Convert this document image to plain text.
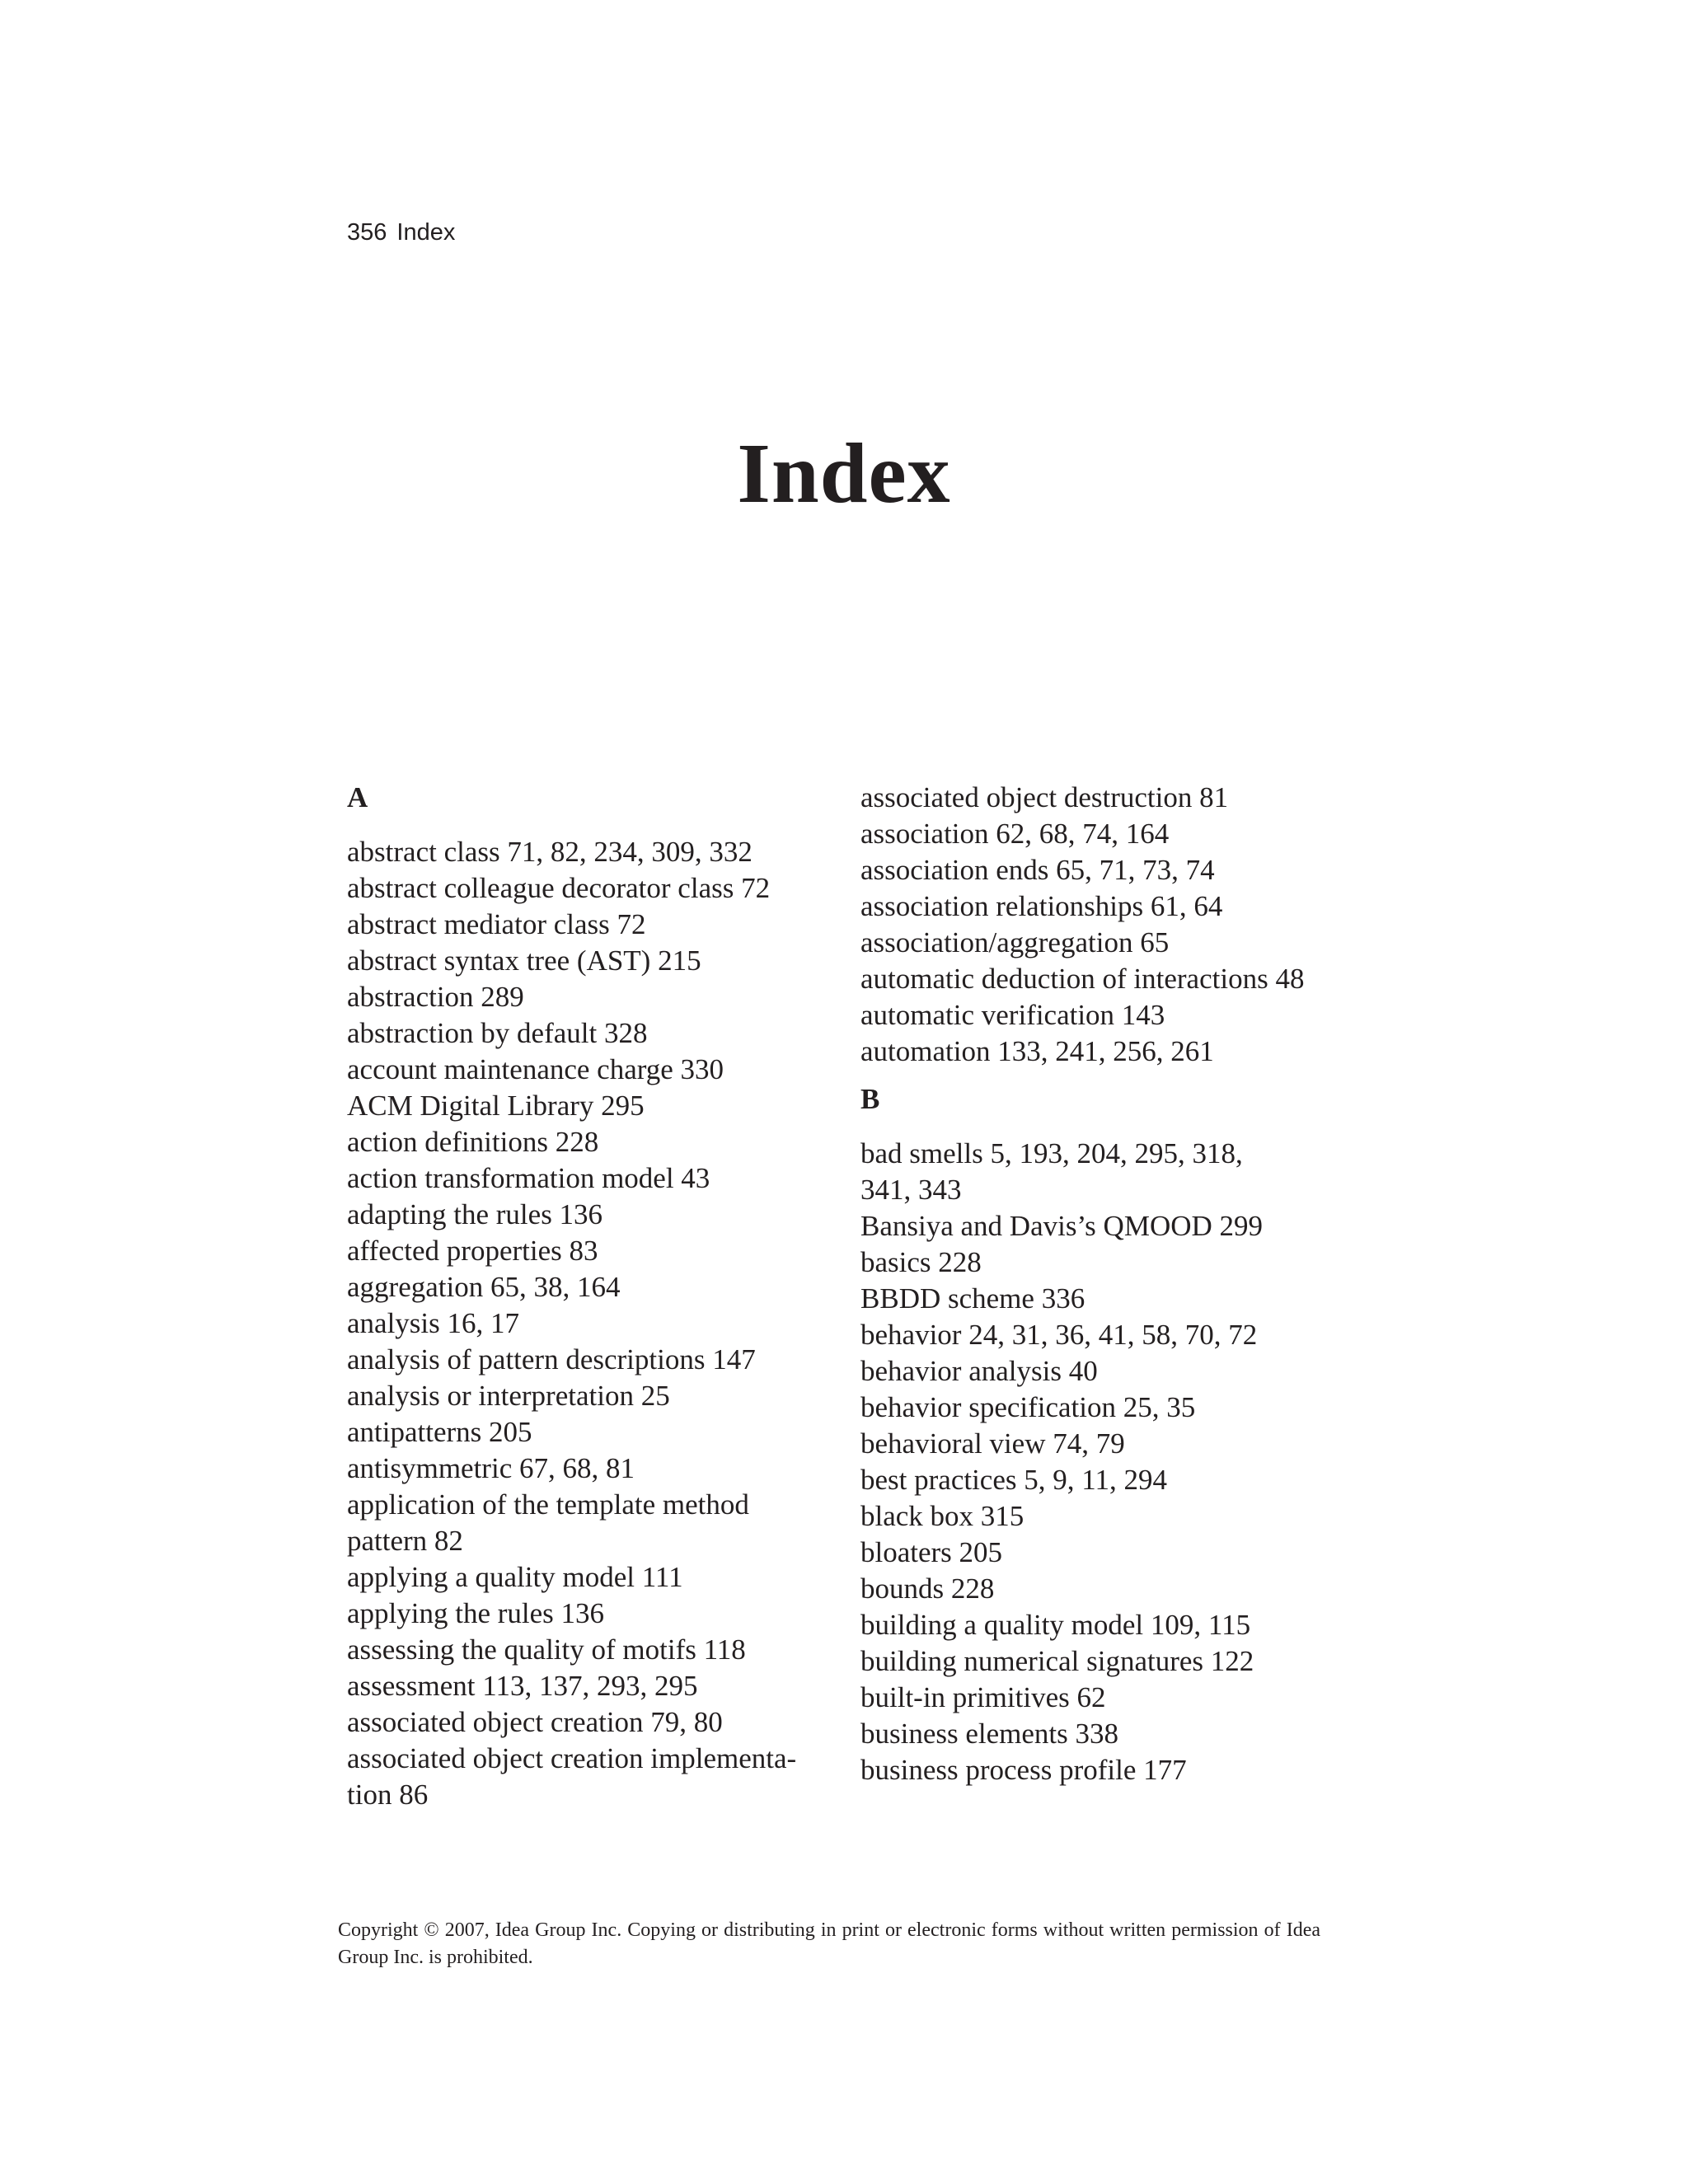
356 Index
Index
A
abstract class 71, 82, 234, 309, 332
abstract colleague decorator class 72
abstract mediator class 72
abstract syntax tree (AST) 215
abstraction 289
abstraction by default 328
account maintenance charge 330
ACM Digital Library 295
action definitions 228
action transformation model 43
adapting the rules 136
affected properties 83
aggregation 65, 38, 164
analysis 16, 17
analysis of pattern descriptions 147
analysis or interpretation 25
antipatterns 205
antisymmetric 67, 68, 81
application of the template method
pattern 82
applying a quality model 111
applying the rules 136
assessing the quality of motifs 118
assessment 113, 137, 293, 295
associated object creation 79, 80
associated object creation implementa-
tion 86
associated object destruction 81
association 62, 68, 74, 164
association ends 65, 71, 73, 74
association relationships 61, 64
association/aggregation 65
automatic deduction of interactions 48
automatic verification 143
automation 133, 241, 256, 261
B
bad smells 5, 193, 204, 295, 318,
341, 343
Bansiya and Davis’s QMOOD 299
basics 228
BBDD scheme 336
behavior 24, 31, 36, 41, 58, 70, 72
behavior analysis 40
behavior specification 25, 35
behavioral view 74, 79
best practices 5, 9, 11, 294
black box 315
bloaters 205
bounds 228
building a quality model 109, 115
building numerical signatures 122
built-in primitives 62
business elements 338
business process profile 177
Copyright © 2007, Idea Group Inc. Copying or distributing in print or electronic forms without written permission of Idea Group Inc. is prohibited.
